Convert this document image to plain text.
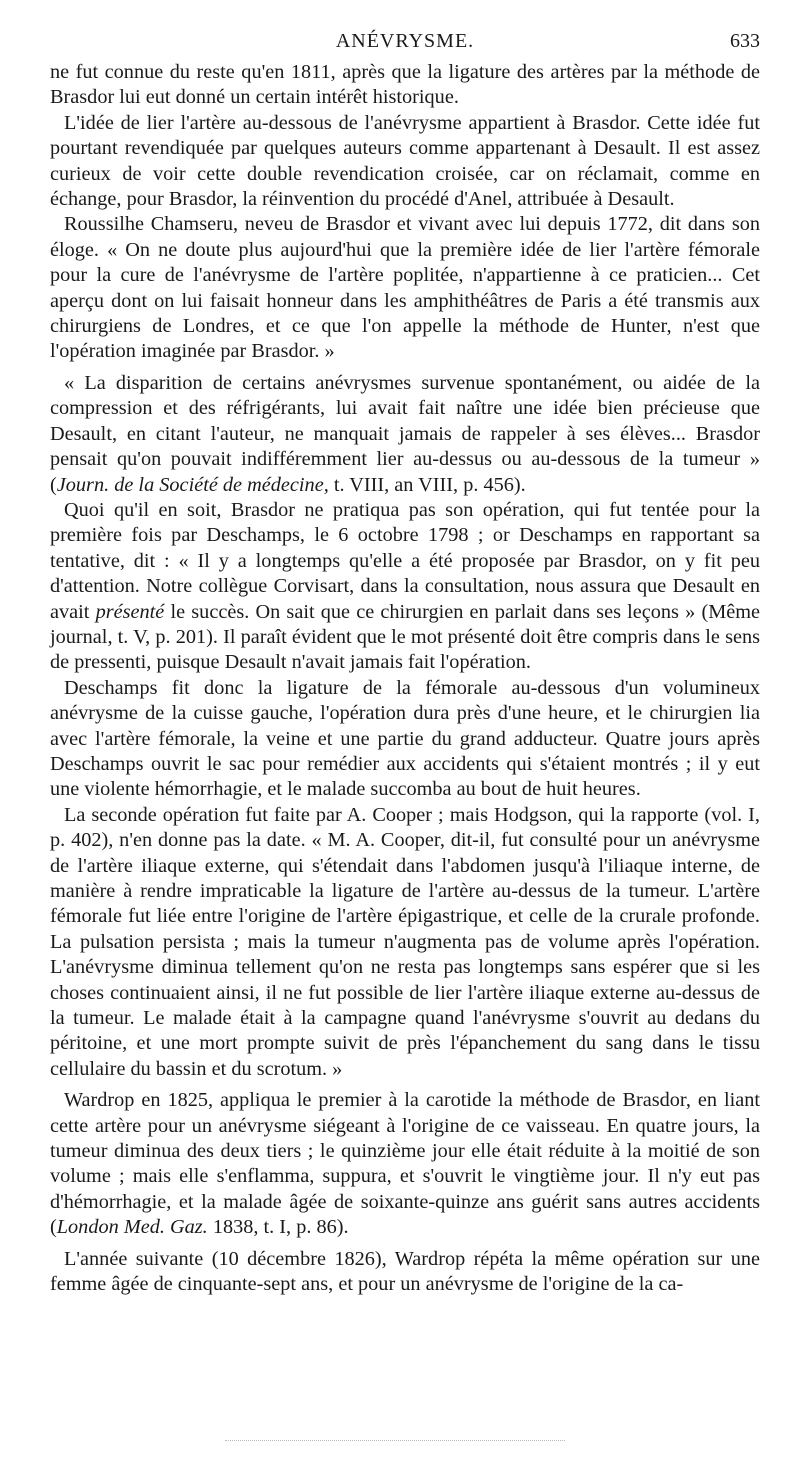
ANÉVRYSME.	633

ne fut connue du reste qu'en 1811, après que la ligature des artères par la méthode de Brasdor lui eut donné un certain intérêt historique.

L'idée de lier l'artère au-dessous de l'anévrysme appartient à Brasdor. Cette idée fut pourtant revendiquée par quelques auteurs comme appartenant à Desault. Il est assez curieux de voir cette double revendication croisée, car on réclamait, comme en échange, pour Brasdor, la réinvention du procédé d'Anel, attribuée à Desault.

Roussilhe Chamseru, neveu de Brasdor et vivant avec lui depuis 1772, dit dans son éloge. « On ne doute plus aujourd'hui que la première idée de lier l'artère fémorale pour la cure de l'anévrysme de l'artère poplitée, n'appartienne à ce praticien... Cet aperçu dont on lui faisait honneur dans les amphithéâtres de Paris a été transmis aux chirurgiens de Londres, et ce que l'on appelle la méthode de Hunter, n'est que l'opération imaginée par Brasdor. »

« La disparition de certains anévrysmes survenue spontanément, ou aidée de la compression et des réfrigérants, lui avait fait naître une idée bien précieuse que Desault, en citant l'auteur, ne manquait jamais de rappeler à ses élèves... Brasdor pensait qu'on pouvait indifféremment lier au-dessus ou au-dessous de la tumeur » (Journ. de la Société de médecine, t. VIII, an VIII, p. 456).

Quoi qu'il en soit, Brasdor ne pratiqua pas son opération, qui fut tentée pour la première fois par Deschamps, le 6 octobre 1798 ; or Deschamps en rapportant sa tentative, dit : « Il y a longtemps qu'elle a été proposée par Brasdor, on y fit peu d'attention. Notre collègue Corvisart, dans la consultation, nous assura que Desault en avait présenté le succès. On sait que ce chirurgien en parlait dans ses leçons » (Même journal, t. V, p. 201). Il paraît évident que le mot présenté doit être compris dans le sens de pressenti, puisque Desault n'avait jamais fait l'opération.

Deschamps fit donc la ligature de la fémorale au-dessous d'un volumineux anévrysme de la cuisse gauche, l'opération dura près d'une heure, et le chirurgien lia avec l'artère fémorale, la veine et une partie du grand adducteur. Quatre jours après Deschamps ouvrit le sac pour remédier aux accidents qui s'étaient montrés ; il y eut une violente hémorrhagie, et le malade succomba au bout de huit heures.

La seconde opération fut faite par A. Cooper ; mais Hodgson, qui la rapporte (vol. I, p. 402), n'en donne pas la date. « M. A. Cooper, dit-il, fut consulté pour un anévrysme de l'artère iliaque externe, qui s'étendait dans l'abdomen jusqu'à l'iliaque interne, de manière à rendre impraticable la ligature de l'artère au-dessus de la tumeur. L'artère fémorale fut liée entre l'origine de l'artère épigastrique, et celle de la crurale profonde. La pulsation persista ; mais la tumeur n'augmenta pas de volume après l'opération. L'anévrysme diminua tellement qu'on ne resta pas longtemps sans espérer que si les choses continuaient ainsi, il ne fut possible de lier l'artère iliaque externe au-dessus de la tumeur. Le malade était à la campagne quand l'anévrysme s'ouvrit au dedans du péritoine, et une mort prompte suivit de près l'épanchement du sang dans le tissu cellulaire du bassin et du scrotum. »

Wardrop en 1825, appliqua le premier à la carotide la méthode de Brasdor, en liant cette artère pour un anévrysme siégeant à l'origine de ce vaisseau. En quatre jours, la tumeur diminua des deux tiers ; le quinzième jour elle était réduite à la moitié de son volume ; mais elle s'enflamma, suppura, et s'ouvrit le vingtième jour. Il n'y eut pas d'hémorrhagie, et la malade âgée de soixante-quinze ans guérit sans autres accidents (London Med. Gaz. 1838, t. I, p. 86).

L'année suivante (10 décembre 1826), Wardrop répéta la même opération sur une femme âgée de cinquante-sept ans, et pour un anévrysme de l'origine de la ca-
